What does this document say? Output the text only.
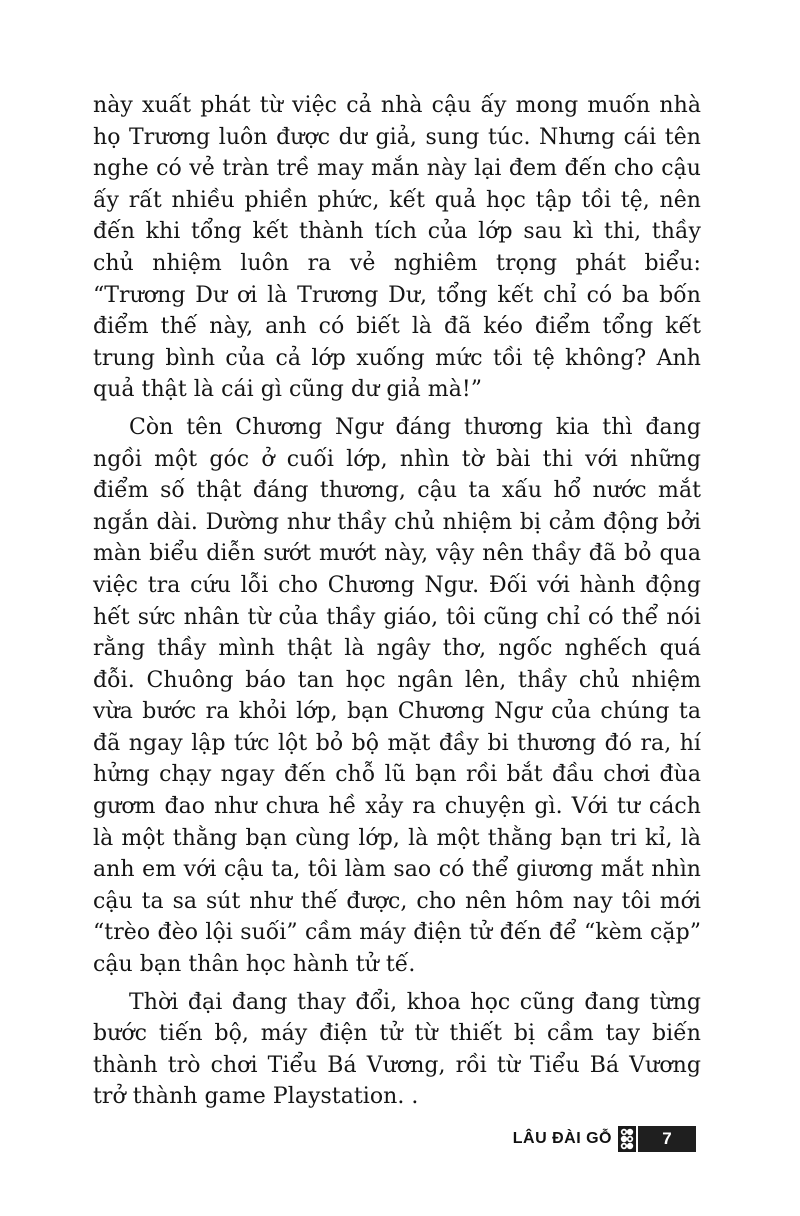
này xuất phát từ việc cả nhà cậu ấy mong muốn nhà họ Trương luôn được dư giả, sung túc. Nhưng cái tên nghe có vẻ tràn trề may mắn này lại đem đến cho cậu ấy rất nhiều phiền phức, kết quả học tập tồi tệ, nên đến khi tổng kết thành tích của lớp sau kì thi, thầy chủ nhiệm luôn ra vẻ nghiêm trọng phát biểu: “Trương Dư ơi là Trương Dư, tổng kết chỉ có ba bốn điểm thế này, anh có biết là đã kéo điểm tổng kết trung bình của cả lớp xuống mức tồi tệ không? Anh quả thật là cái gì cũng dư giả mà!”

Còn tên Chương Ngư đáng thương kia thì đang ngồi một góc ở cuối lớp, nhìn tờ bài thi với những điểm số thật đáng thương, cậu ta xấu hổ nước mắt ngắn dài. Dường như thầy chủ nhiệm bị cảm động bởi màn biểu diễn sướt mướt này, vậy nên thầy đã bỏ qua việc tra cứu lỗi cho Chương Ngư. Đối với hành động hết sức nhân từ của thầy giáo, tôi cũng chỉ có thể nói rằng thầy mình thật là ngây thơ, ngốc nghếch quá đỗi. Chuông báo tan học ngân lên, thầy chủ nhiệm vừa bước ra khỏi lớp, bạn Chương Ngư của chúng ta đã ngay lập tức lột bỏ bộ mặt đầy bi thương đó ra, hí hửng chạy ngay đến chỗ lũ bạn rồi bắt đầu chơi đùa gươm đao như chưa hề xảy ra chuyện gì. Với tư cách là một thằng bạn cùng lớp, là một thằng bạn tri kỉ, là anh em với cậu ta, tôi làm sao có thể giương mắt nhìn cậu ta sa sút như thế được, cho nên hôm nay tôi mới “trèo đèo lội suối” cầm máy điện tử đến để “kèm cặp” cậu bạn thân học hành tử tế.

Thời đại đang thay đổi, khoa học cũng đang từng bước tiến bộ, máy điện tử từ thiết bị cầm tay biến thành trò chơi Tiểu Bá Vương, rồi từ Tiểu Bá Vương trở thành game Playstation. .

LÂU ĐÀI GỖ	7
